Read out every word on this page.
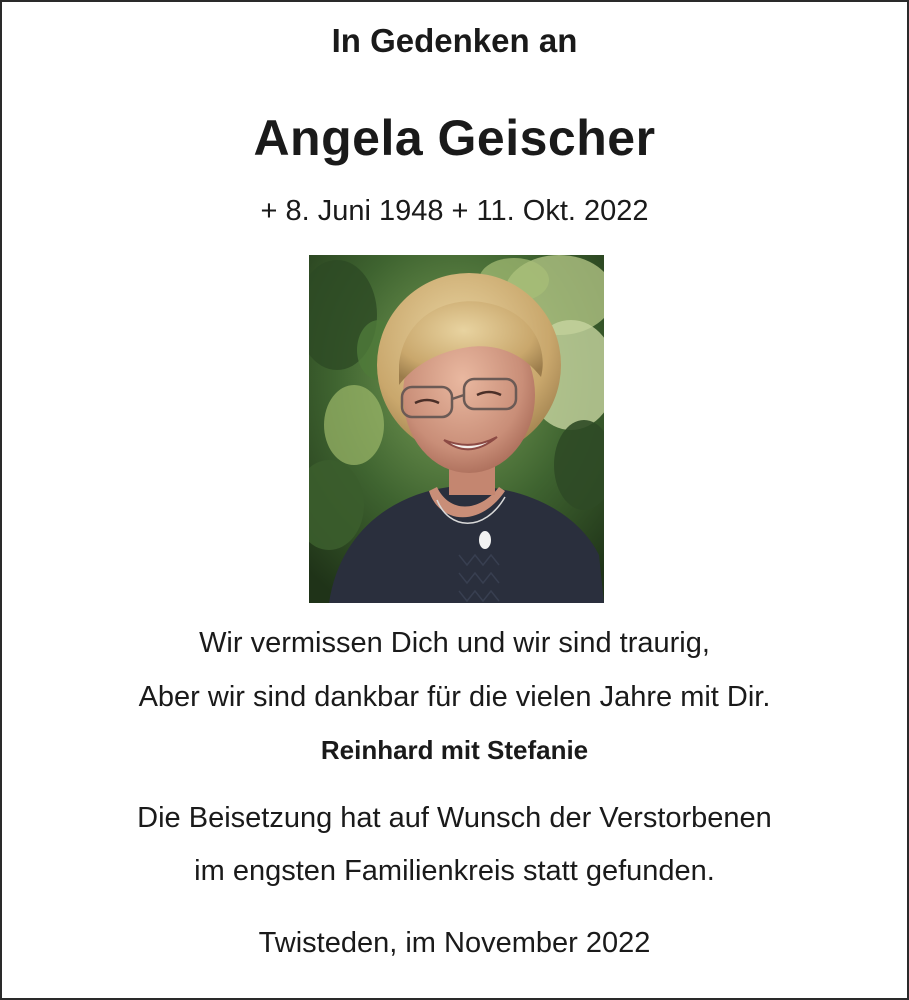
In Gedenken an
Angela Geischer
+ 8. Juni 1948 + 11. Okt. 2022
Wir vermissen Dich und wir sind traurig,
Aber wir sind dankbar für die vielen Jahre mit Dir.
Reinhard mit Stefanie
Die Beisetzung hat auf Wunsch der Verstorbenen
im engsten Familienkreis statt gefunden.
Twisteden, im November 2022
